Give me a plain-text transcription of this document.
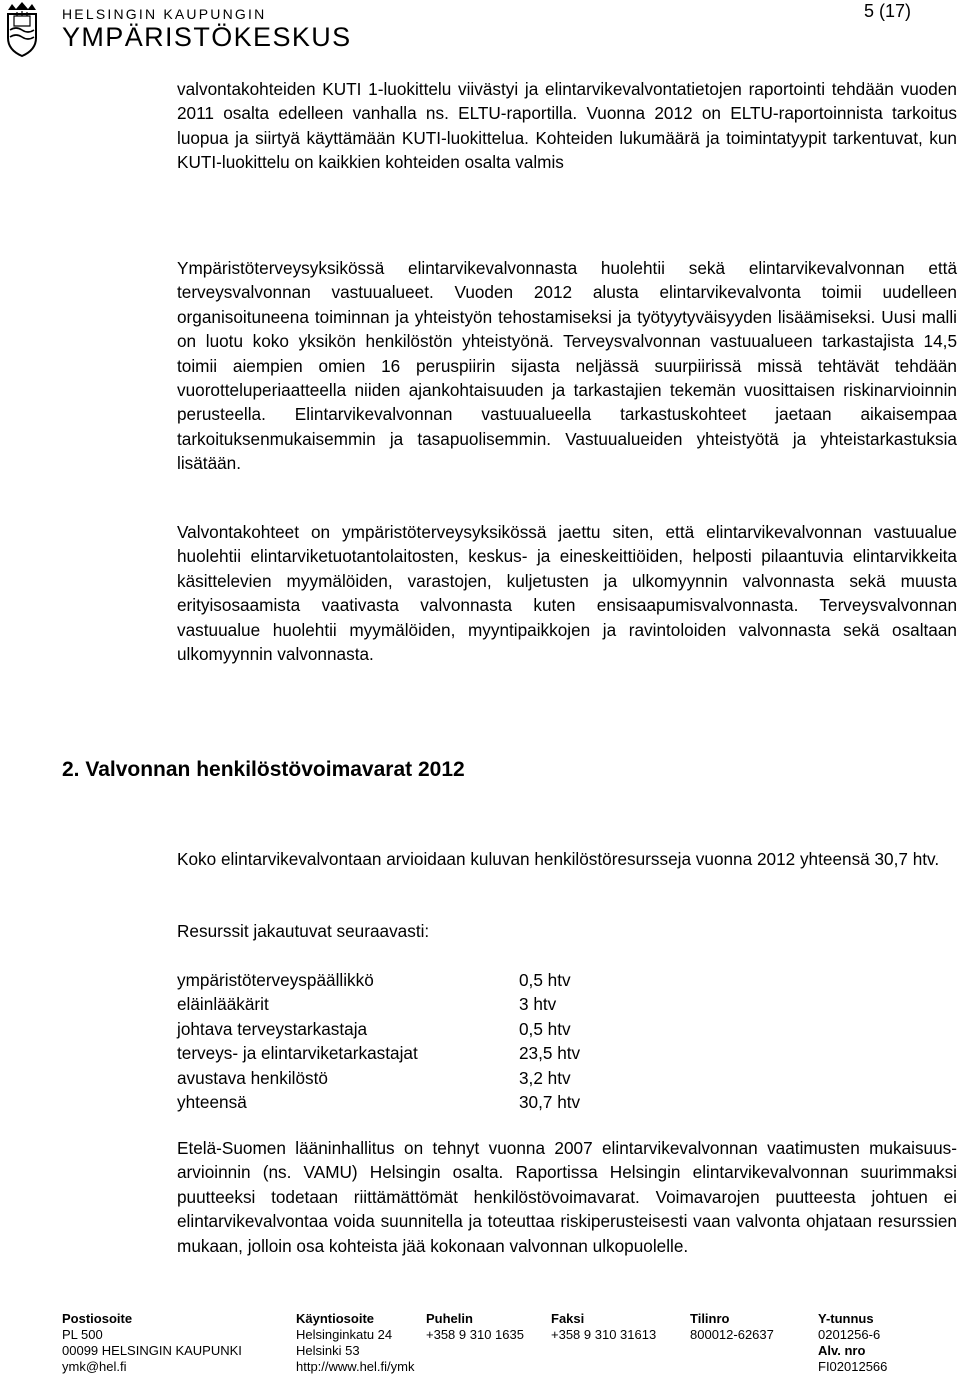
HELSINGIN KAUPUNGIN
YMPÄRISTÖKESKUS
5 (17)

valvontakohteiden KUTI 1-luokittelu viivästyi ja elintarvikevalvontatietojen raportointi tehdään vuoden 2011 osalta edelleen vanhalla ns. ELTU-raportilla. Vuonna 2012 on ELTU-raportoinnista tarkoitus luopua ja siirtyä käyttämään KUTI-luokittelua. Kohteiden lukumäärä ja toimintatyypit tarkentuvat, kun KUTI-luokittelu on kaikkien kohteiden osalta valmis

Ympäristöterveysyksikössä elintarvikevalvonnasta huolehtii sekä elintarvikevalvonnan että terveysvalvonnan vastuualueet. Vuoden 2012 alusta elintarvikevalvonta toimii uudelleen organisoituneena toiminnan ja yhteistyön tehostamiseksi ja työtyytyväisyyden lisäämiseksi. Uusi malli on luotu koko yksikön henkilöstön yhteistyönä. Terveysvalvonnan vastuualueen tarkastajista 14,5 toimii aiempien omien 16 peruspiirin sijasta neljässä suurpiirissä missä tehtävät tehdään vuorotteluperiaatteella niiden ajankohtaisuuden ja tarkastajien tekemän vuosittaisen riskinarvioinnin perusteella. Elintarvikevalvonnan vastuualueella tarkastuskohteet jaetaan aikaisempaa tarkoituksenmukaisemmin ja tasapuolisemmin. Vastuualueiden yhteistyötä ja yhteistarkastuksia lisätään.

Valvontakohteet on ympäristöterveysyksikössä jaettu siten, että elintarvikevalvonnan vastuualue huolehtii elintarviketuotantolaitosten, keskus- ja eineskeittiöiden, helposti pilaantuvia elintarvikkeita käsittelevien myymälöiden, varastojen, kuljetusten ja ulkomyynnin valvonnasta sekä muusta erityisosaamista vaativasta valvonnasta kuten ensisaapumisvalvonnasta. Terveysvalvonnan vastuualue huolehtii myymälöiden, myyntipaikkojen ja ravintoloiden valvonnasta sekä osaltaan ulkomyynnin valvonnasta.

2. Valvonnan henkilöstövoimavarat 2012

Koko elintarvikevalvontaan arvioidaan kuluvan henkilöstöresursseja vuonna 2012 yhteensä 30,7 htv.

Resurssit jakautuvat seuraavasti:

ympäristöterveyspäällikkö	0,5 htv
eläinlääkärit	3 htv
johtava terveystarkastaja	0,5 htv
terveys- ja elintarviketarkastajat	23,5 htv
avustava henkilöstö	3,2 htv
yhteensä	30,7 htv

Etelä-Suomen lääninhallitus on tehnyt vuonna 2007 elintarvikevalvonnan vaatimusten mukaisuus-arvioinnin (ns. VAMU) Helsingin osalta. Raportissa Helsingin elintarvikevalvonnan suurimmaksi puutteeksi todetaan riittämättömät henkilöstövoimavarat. Voimavarojen puutteesta johtuen ei elintarvikevalvontaa voida suunnitella ja toteuttaa riskiperusteisesti vaan valvonta ohjataan resurssien mukaan, jolloin osa kohteista jää kokonaan valvonnan ulkopuolelle.

Postiosoite
PL 500
00099 HELSINGIN KAUPUNKI
ymk@hel.fi
Käyntiosoite
Helsinginkatu 24
Helsinki 53
http://www.hel.fi/ymk
Puhelin
+358 9 310 1635
Faksi
+358 9 310 31613
Tilinro
800012-62637
Y-tunnus
0201256-6
Alv. nro
FI02012566
